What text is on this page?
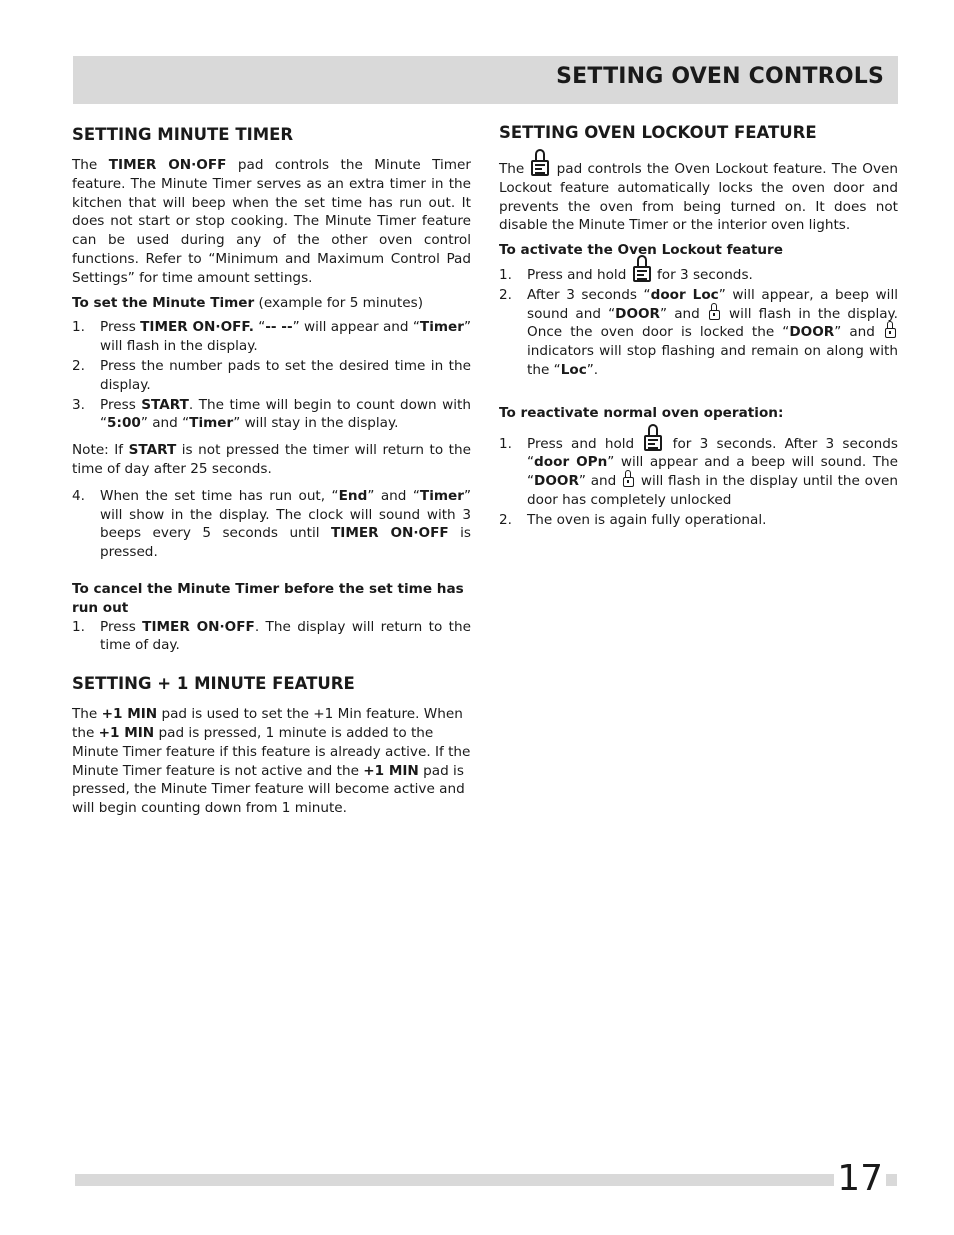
SETTING OVEN CONTROLS
SETTING MINUTE TIMER

The TIMER ON·OFF pad controls the Minute Timer feature. The Minute Timer serves as an extra timer in the kitchen that will beep when the set time has run out. It does not start or stop cooking. The Minute Timer feature can be used during any of the other oven control functions. Refer to “Minimum and Maximum Control Pad Settings” for time amount settings.

To set the Minute Timer (example for 5 minutes)
1. Press TIMER ON·OFF. “-- --” will appear and “Timer” will flash in the display.
2. Press the number pads to set the desired time in the display.
3. Press START. The time will begin to count down with “5:00” and “Timer” will stay in the display.

Note: If START is not pressed the timer will return to the time of day after 25 seconds.

4. When the set time has run out, “End” and “Timer” will show in the display. The clock will sound with 3 beeps every 5 seconds until TIMER ON·OFF is pressed.
To cancel the Minute Timer before the set time has run out
1. Press TIMER ON·OFF. The display will return to the time of day.
SETTING + 1 MINUTE FEATURE

The +1 MIN pad is used to set the +1 Min feature. When the +1 MIN pad is pressed, 1 minute is added to the Minute Timer feature if this feature is already active. If the Minute Timer feature is not active and the +1 MIN pad is pressed, the Minute Timer feature will become active and will begin counting down from 1 minute.

SETTING OVEN LOCKOUT FEATURE

The
pad controls the Oven Lockout feature. The Oven Lockout feature automatically locks the oven door and prevents the oven from being turned on. It does not disable the Minute Timer or the interior oven lights.

To activate the Oven Lockout feature
1. Press and hold
for 3 seconds.
2. After 3 seconds “door Loc” will appear, a beep will sound and “DOOR” and  will flash in the display. Once the oven door is locked the “DOOR” and  indicators will stop flashing and remain on along with the “Loc”.
To reactivate normal oven operation:
1. Press and hold
for 3 seconds. After 3 seconds “door OPn” will appear and a beep will sound. The “DOOR” and  will flash in the display until the oven door has completely unlocked
2. The oven is again fully operational.
17
